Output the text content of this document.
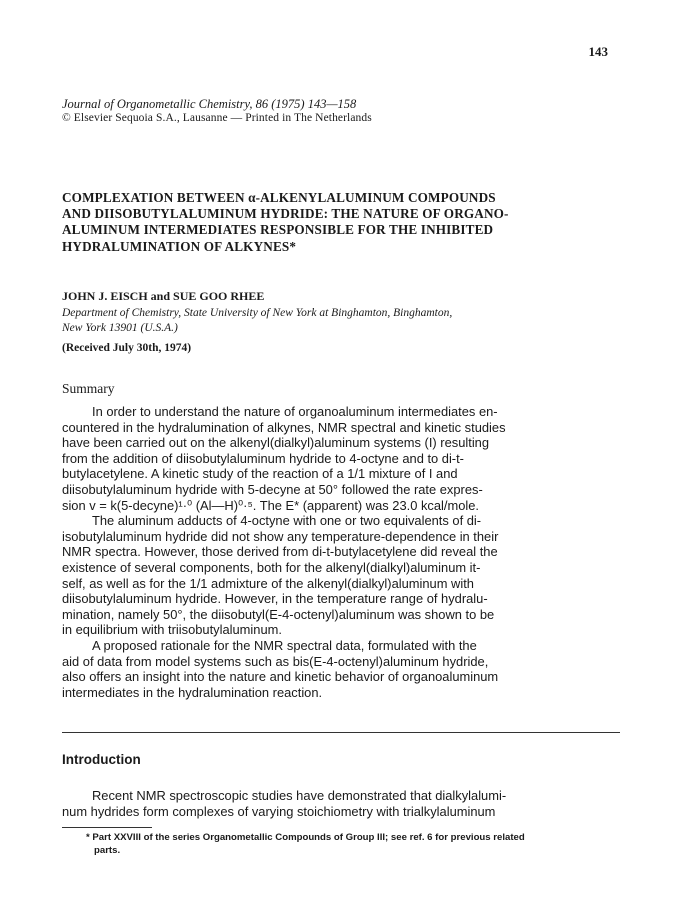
143
Journal of Organometallic Chemistry, 86 (1975) 143—158
© Elsevier Sequoia S.A., Lausanne — Printed in The Netherlands
COMPLEXATION BETWEEN α-ALKENYLALUMINUM COMPOUNDS
AND DIISOBUTYLALUMINUM HYDRIDE: THE NATURE OF ORGANO-
ALUMINUM INTERMEDIATES RESPONSIBLE FOR THE INHIBITED
HYDRALUMINATION OF ALKYNES*
JOHN J. EISCH and SUE GOO RHEE
Department of Chemistry, State University of New York at Binghamton, Binghamton,
New York 13901 (U.S.A.)
(Received July 30th, 1974)
Summary
In order to understand the nature of organoaluminum intermediates en-
countered in the hydralumination of alkynes, NMR spectral and kinetic studies
have been carried out on the alkenyl(dialkyl)aluminum systems (I) resulting
from the addition of diisobutylaluminum hydride to 4-octyne and to di-t-
butylacetylene. A kinetic study of the reaction of a 1/1 mixture of I and
diisobutylaluminum hydride with 5-decyne at 50° followed the rate expres-
sion v = k(5-decyne)¹·⁰ (Al—H)⁰·⁵. The E* (apparent) was 23.0 kcal/mole.
The aluminum adducts of 4-octyne with one or two equivalents of di-
isobutylaluminum hydride did not show any temperature-dependence in their
NMR spectra. However, those derived from di-t-butylacetylene did reveal the
existence of several components, both for the alkenyl(dialkyl)aluminum it-
self, as well as for the 1/1 admixture of the alkenyl(dialkyl)aluminum with
diisobutylaluminum hydride. However, in the temperature range of hydralu-
mination, namely 50°, the diisobutyl(E-4-octenyl)aluminum was shown to be
in equilibrium with triisobutylaluminum.
A proposed rationale for the NMR spectral data, formulated with the
aid of data from model systems such as bis(E-4-octenyl)aluminum hydride,
also offers an insight into the nature and kinetic behavior of organoaluminum
intermediates in the hydralumination reaction.
Introduction
Recent NMR spectroscopic studies have demonstrated that dialkylalumi-
num hydrides form complexes of varying stoichiometry with trialkylaluminum
* Part XXVIII of the series Organometallic Compounds of Group III; see ref. 6 for previous related
parts.
